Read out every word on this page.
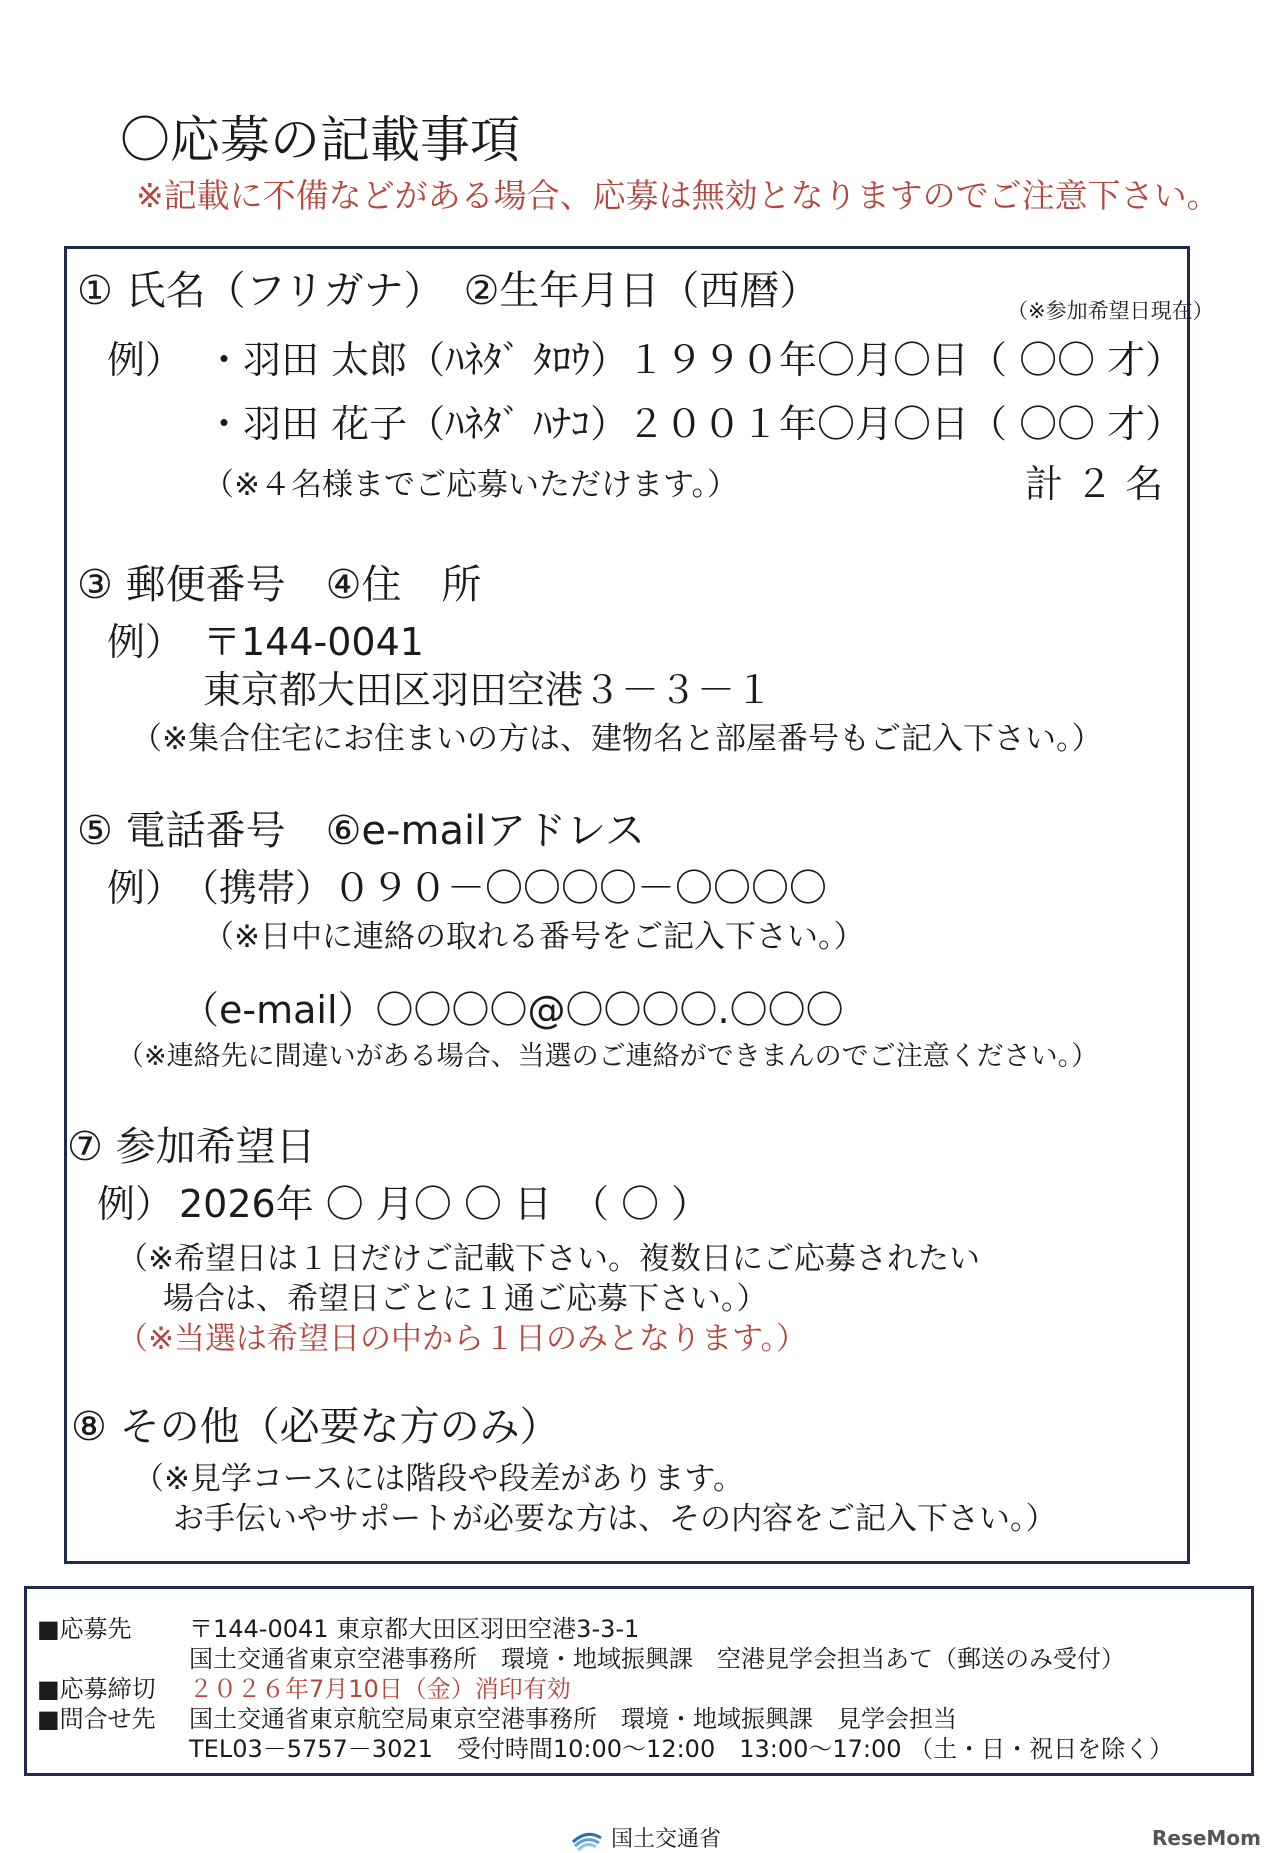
〇応募の記載事項
※記載に不備などがある場合、応募は無効となりますのでご注意下さい。
① 氏名（フリガナ）　②生年月日（西暦）	（※参加希望日現在）
例） ・羽田 太郎（ﾊﾈﾀﾞ ﾀﾛｳ）
１９９０年〇月〇日（ 〇〇 才）
・羽田 花子（ﾊﾈﾀﾞ ﾊﾅｺ）
２００１年〇月〇日（ 〇〇 才）
（※４名様までご応募いただけます。）	計 ２ 名
③ 郵便番号　④住　所
例） 〒144-0041
東京都大田区羽田空港３－３－１
（※集合住宅にお住まいの方は、建物名と部屋番号もご記入下さい。）
⑤ 電話番号　⑥e-mailアドレス
例）
（携帯）０９０－〇〇〇〇－〇〇〇〇
（※日中に連絡の取れる番号をご記入下さい。）
（e-mail）〇〇〇〇@〇〇〇〇.〇〇〇
（※連絡先に間違いがある場合、当選のご連絡ができまんのでご注意ください。）
⑦ 参加希望日
例） 2026年 〇 月〇 〇 日　（ 〇 ）
（※希望日は１日だけご記載下さい。複数日にご応募されたい
場合は、希望日ごとに１通ご応募下さい。）
（※当選は希望日の中から１日のみとなります。）
⑧ その他（必要な方のみ）
（※見学コースには階段や段差があります。
お手伝いやサポートが必要な方は、その内容をご記入下さい。）
■応募先	〒144-0041 東京都大田区羽田空港3-3-1
国土交通省東京空港事務所　環境・地域振興課　空港見学会担当あて（郵送のみ受付）
■応募締切	２０２６年7月10日（金）消印有効
■問合せ先	国土交通省東京航空局東京空港事務所　環境・地域振興課　見学会担当
TEL03－5757－3021　受付時間10:00～12:00　13:00～17:00 （土・日・祝日を除く）
国土交通省	ReseMom
